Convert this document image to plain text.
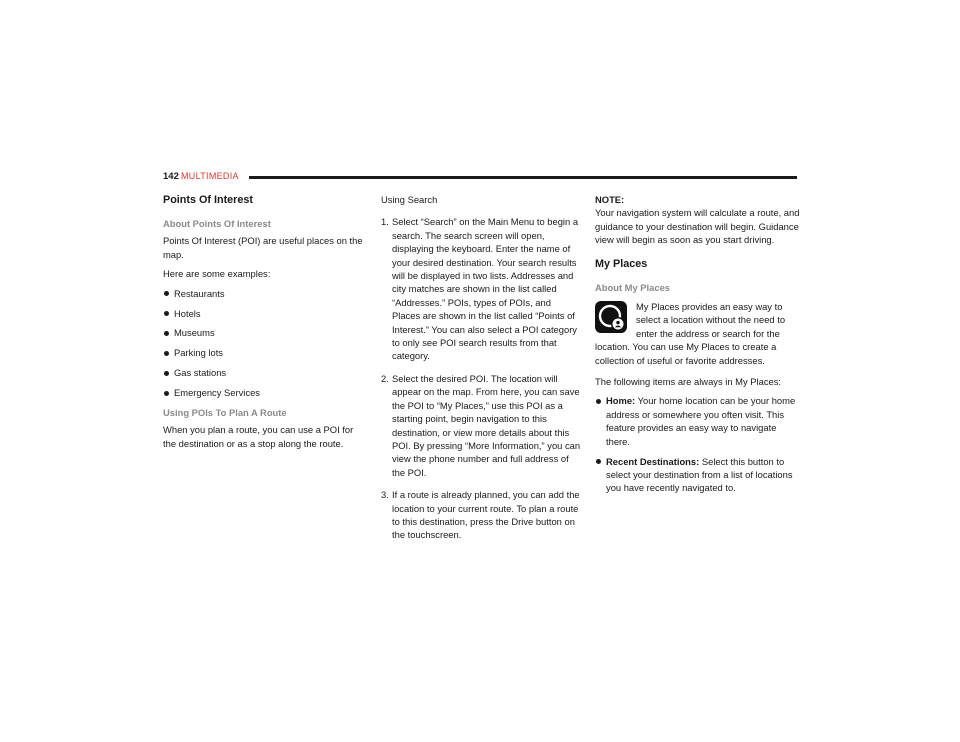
142 MULTIMEDIA
Points Of Interest
About Points Of Interest

Points Of Interest (POI) are useful places on the map.

Here are some examples:

Restaurants
Hotels
Museums
Parking lots
Gas stations
Emergency Services
Using POIs To Plan A Route

When you plan a route, you can use a POI for the destination or as a stop along the route.

Using Search
1. Select “Search” on the Main Menu to begin a search. The search screen will open, displaying the keyboard. Enter the name of your desired destination. Your search results will be displayed in two lists. Addresses and city matches are shown in the list called “Addresses.” POIs, types of POIs, and Places are shown in the list called “Points of Interest.” You can also select a POI category to only see POI search results from that category.
2. Select the desired POI. The location will appear on the map. From here, you can save the POI to “My Places,” use this POI as a starting point, begin navigation to this destination, or view more details about this POI. By pressing “More Information,” you can view the phone number and full address of the POI.
3. If a route is already planned, you can add the location to your current route. To plan a route to this destination, press the Drive button on the touchscreen.
NOTE:

Your navigation system will calculate a route, and guidance to your destination will begin. Guidance view will begin as soon as you start driving.

My Places
About My Places

My Places provides an easy way to select a location without the need to enter the address or search for the location. You can use My Places to create a collection of useful or favorite addresses.

The following items are always in My Places:

Home: Your home location can be your home address or somewhere you often visit. This feature provides an easy way to navigate there.
Recent Destinations: Select this button to select your destination from a list of locations you have recently navigated to.
